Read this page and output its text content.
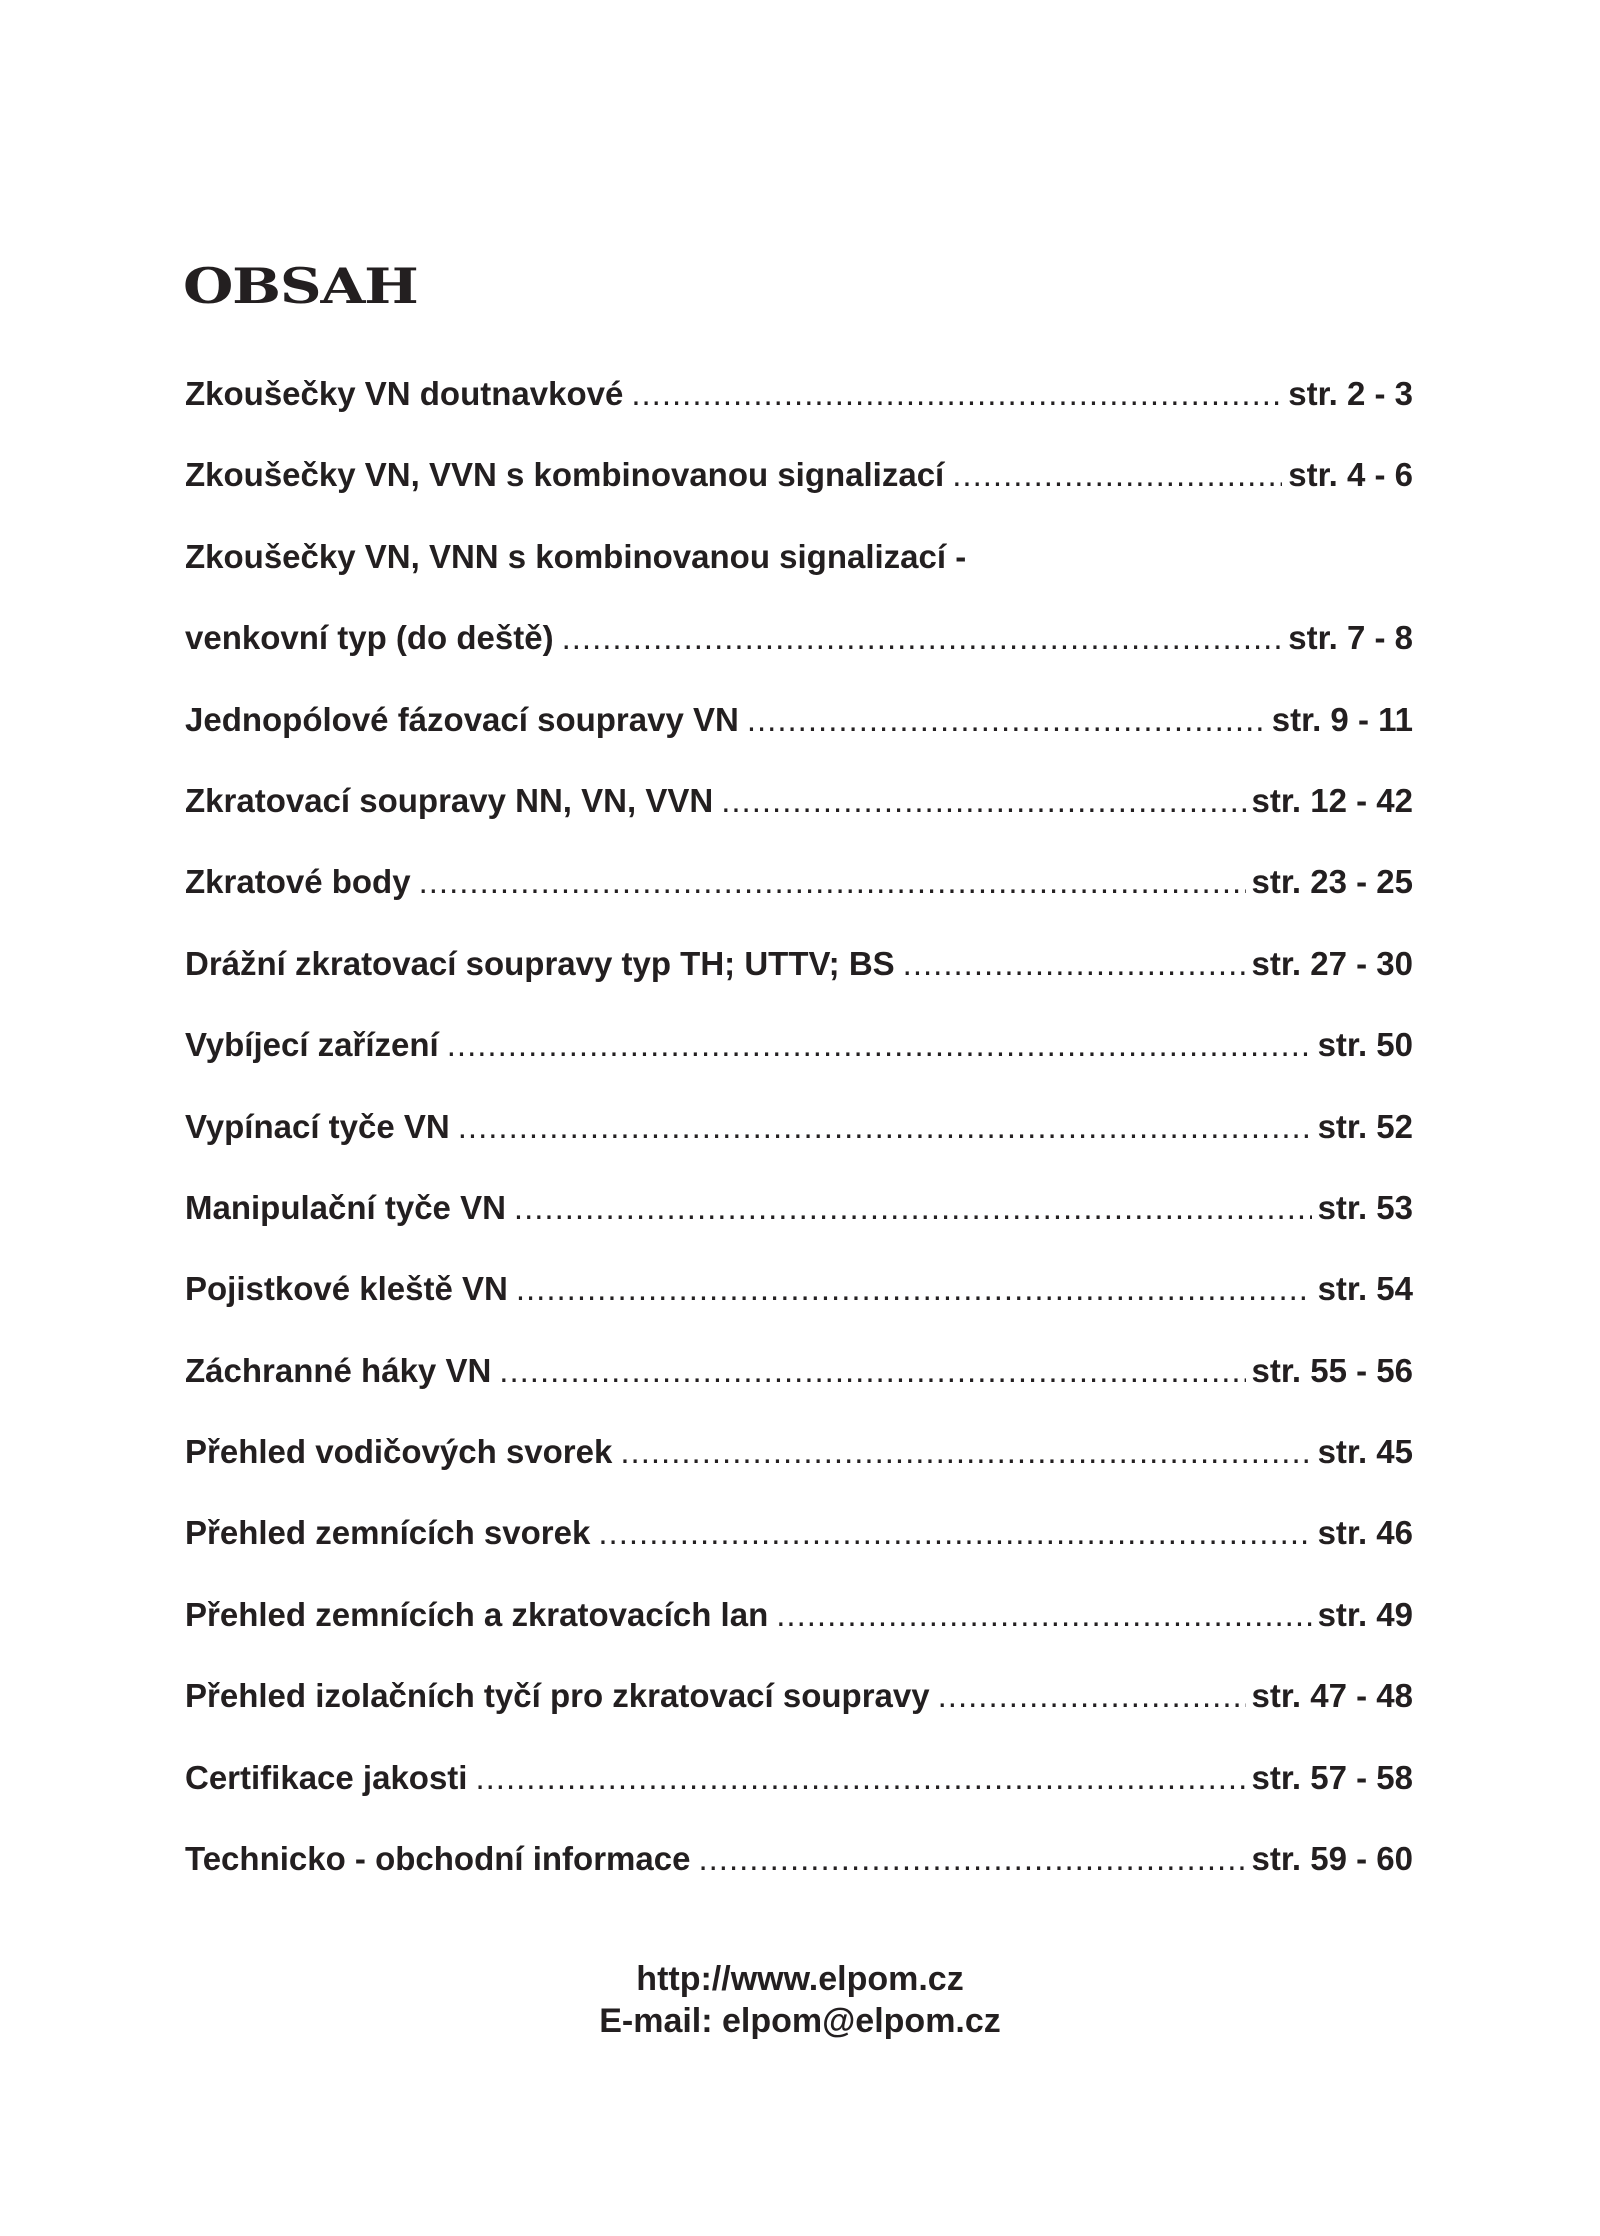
OBSAH
Zkoušečky VN doutnavkové .....	str. 2 - 3
Zkoušečky VN, VVN s kombinovanou signalizací .....	str. 4 - 6
Zkoušečky VN, VNN s kombinovanou signalizací -
venkovní typ (do deště) .....	str. 7 - 8
Jednopólové fázovací soupravy VN .....	str. 9 - 11
Zkratovací soupravy NN, VN, VVN .....	str. 12 - 42
Zkratové body .....	str. 23 - 25
Drážní zkratovací soupravy typ TH; UTTV; BS .....	str. 27 - 30
Vybíjecí zařízení .....	str. 50
Vypínací tyče VN .....	str. 52
Manipulační tyče VN .....	str. 53
Pojistkové kleště VN .....	str. 54
Záchranné háky VN .....	str. 55 - 56
Přehled vodičových svorek .....	str. 45
Přehled zemnících svorek .....	str. 46
Přehled zemnících a zkratovacích lan .....	str. 49
Přehled izolačních tyčí pro zkratovací soupravy .....	str. 47 - 48
Certifikace jakosti .....	str. 57 - 58
Technicko - obchodní informace .....	str. 59 - 60
http://www.elpom.cz
E-mail: elpom@elpom.cz
